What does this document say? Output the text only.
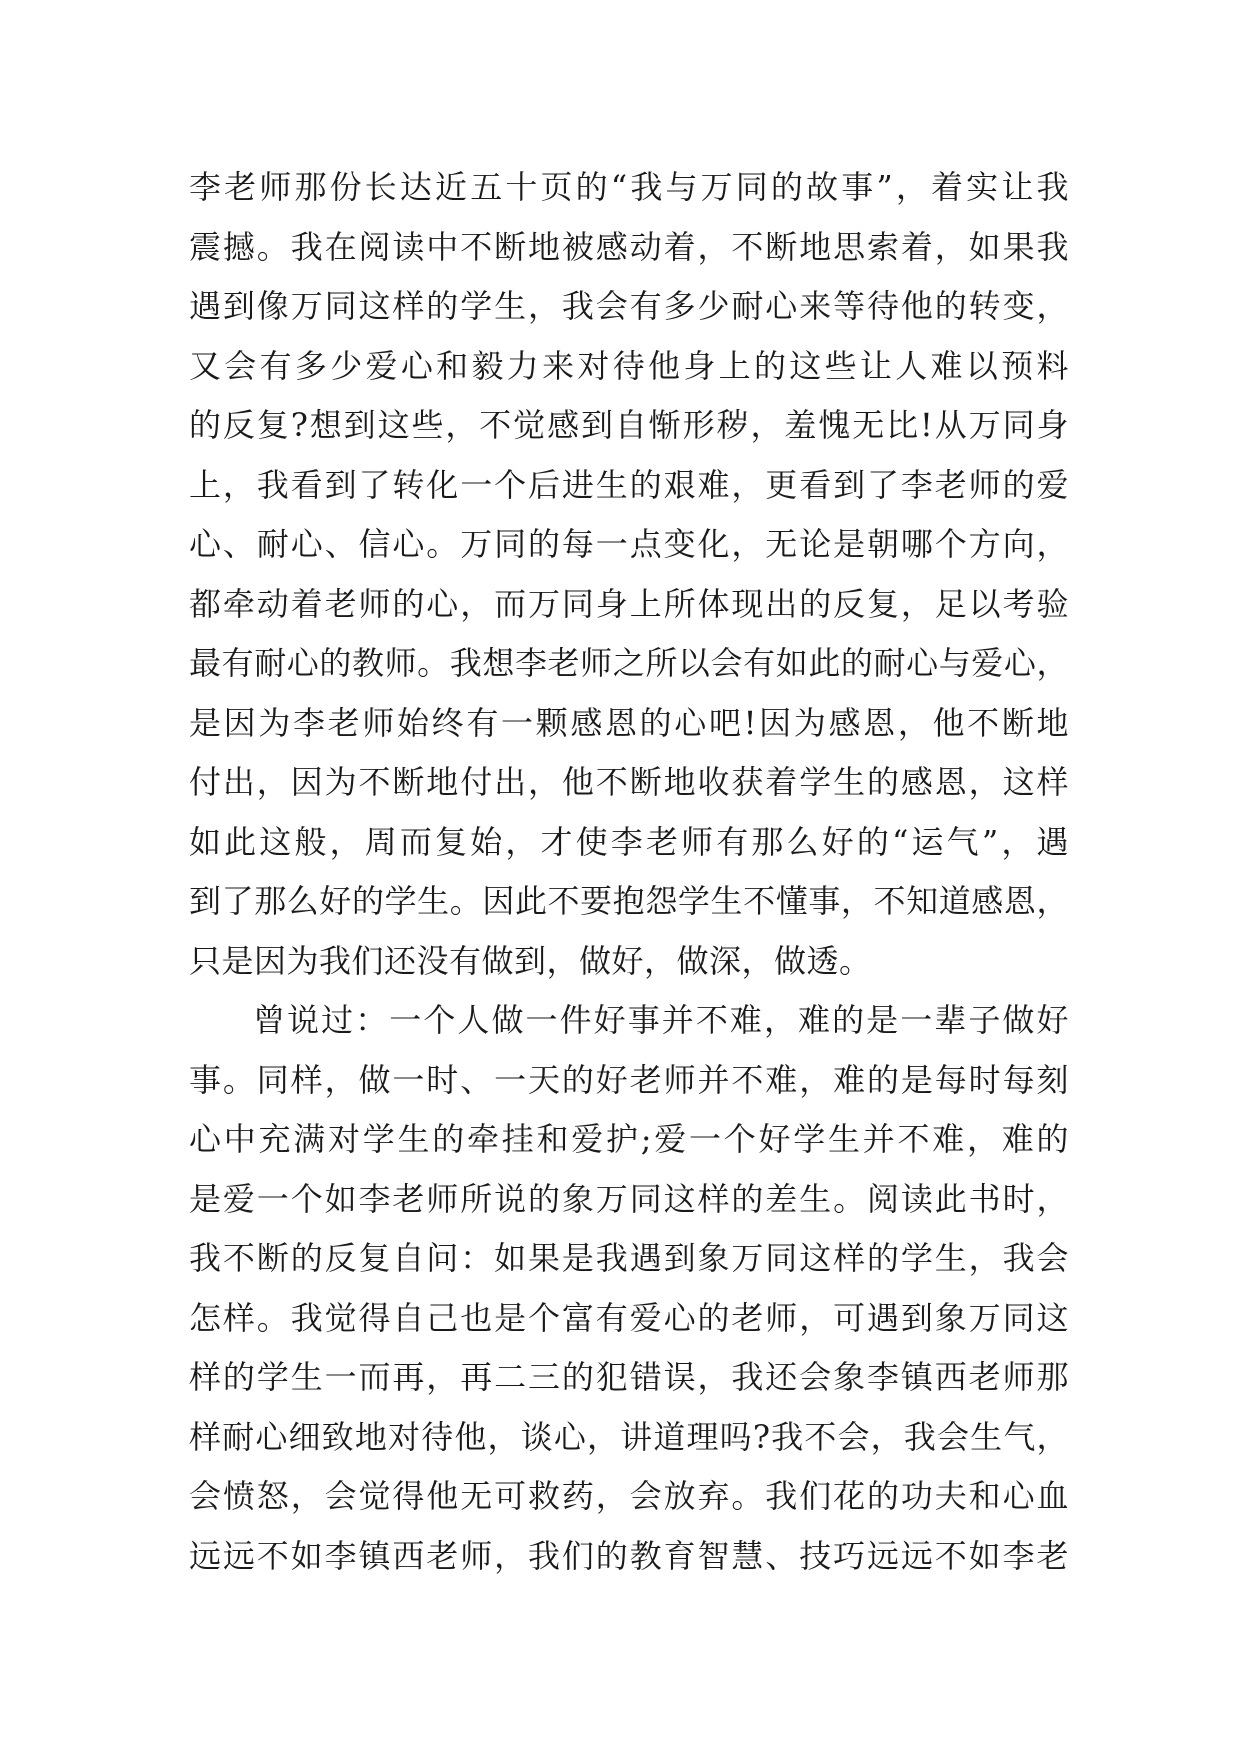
李老师那份长达近五十页的“我与万同的故事”，着实让我
震撼。我在阅读中不断地被感动着，不断地思索着，如果我
遇到像万同这样的学生，我会有多少耐心来等待他的转变，
又会有多少爱心和毅力来对待他身上的这些让人难以预料
的反复?想到这些，不觉感到自惭形秽，羞愧无比!从万同身
上，我看到了转化一个后进生的艰难，更看到了李老师的爱
心、耐心、信心。万同的每一点变化，无论是朝哪个方向，
都牵动着老师的心，而万同身上所体现出的反复，足以考验
最有耐心的教师。我想李老师之所以会有如此的耐心与爱心，
是因为李老师始终有一颗感恩的心吧!因为感恩，他不断地
付出，因为不断地付出，他不断地收获着学生的感恩，这样
如此这般，周而复始，才使李老师有那么好的“运气”，遇
到了那么好的学生。因此不要抱怨学生不懂事，不知道感恩，
只是因为我们还没有做到，做好，做深，做透。
曾说过：一个人做一件好事并不难，难的是一辈子做好
事。同样，做一时、一天的好老师并不难，难的是每时每刻
心中充满对学生的牵挂和爱护;爱一个好学生并不难，难的
是爱一个如李老师所说的象万同这样的差生。阅读此书时，
我不断的反复自问：如果是我遇到象万同这样的学生，我会
怎样。我觉得自己也是个富有爱心的老师，可遇到象万同这
样的学生一而再，再二三的犯错误，我还会象李镇西老师那
样耐心细致地对待他，谈心，讲道理吗?我不会，我会生气，
会愤怒，会觉得他无可救药，会放弃。我们花的功夫和心血
远远不如李镇西老师，我们的教育智慧、技巧远远不如李老
